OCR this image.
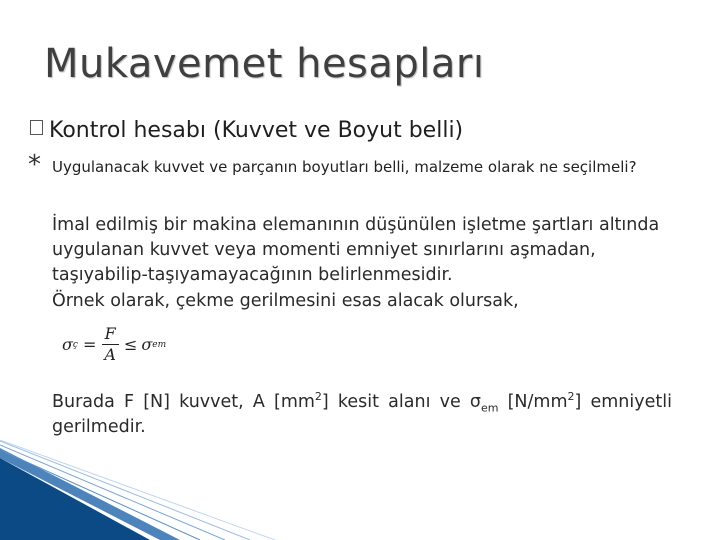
Mukavemet hesapları
Kontrol hesabı (Kuvvet ve Boyut belli)
* Uygulanacak kuvvet ve parçanın boyutları belli, malzeme olarak ne seçilmeli?
İmal edilmiş bir makina elemanının düşünülen işletme şartları altında uygulanan kuvvet veya momenti emniyet sınırlarını aşmadan, taşıyabilip-taşıyamayacağının belirlenmesidir.
Örnek olarak, çekme gerilmesini esas alacak olursak,
σ ç = $\frac{F}{A} \le \sigma$ em
Burada F [N] kuvvet, A $[mm^2]$ kesit alanı ve $\sigma_{em}$ $[N/mm^2]$ emniyetli gerilmedir.
